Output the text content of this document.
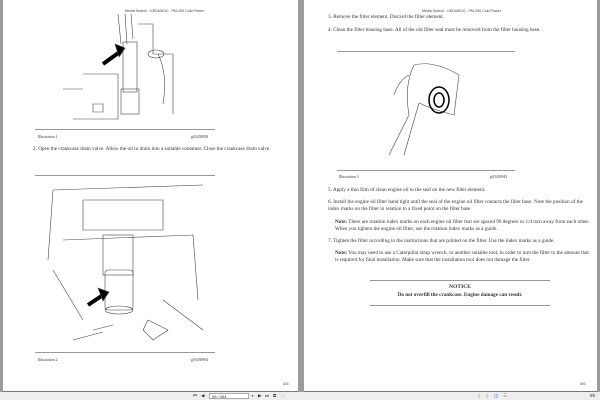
Media Search - KEDU8010 - PM-200 Cold Planer
Illustration 1	g03439938
2. Open the crankcase drain valve. Allow the oil to drain into a suitable container. Close the crankcase drain valve.
Illustration 2	g03439904
4/6
Media Search - KEDU8010 - PM-200 Cold Planer
3. Remove the filter element. Discard the filter element.
4. Clean the filter housing base. All of the old filter seal must be removed from the filter housing base.
Illustration 3	g03439943
5. Apply a thin film of clean engine oil to the seal on the new filter element.
6. Install the engine oil filter hand tight until the seal of the engine oil filter contacts the filter base. Note the position of the index marks on the filter in relation to a fixed point on the filter base.
Note: There are rotation index marks on each engine oil filter that are spaced 90 degrees or 1/4 turn away from each other. When you tighten the engine oil filter, use the rotation index marks as a guide.
7. Tighten the filter according to the instructions that are printed on the filter. Use the index marks as a guide.
Note: You may need to use a Caterpillar strap wrench, or another suitable tool, in order to turn the filter to the amount that is required for final installation. Make sure that the installation tool does not damage the filter.
NOTICE
Do not overfill the crankcase. Engine damage can result.
5/6
⏮ ◀	55 / 454	▼ ▶ ⏭ ⧉ ▢	▯ ▯ ◫ ☰	89
